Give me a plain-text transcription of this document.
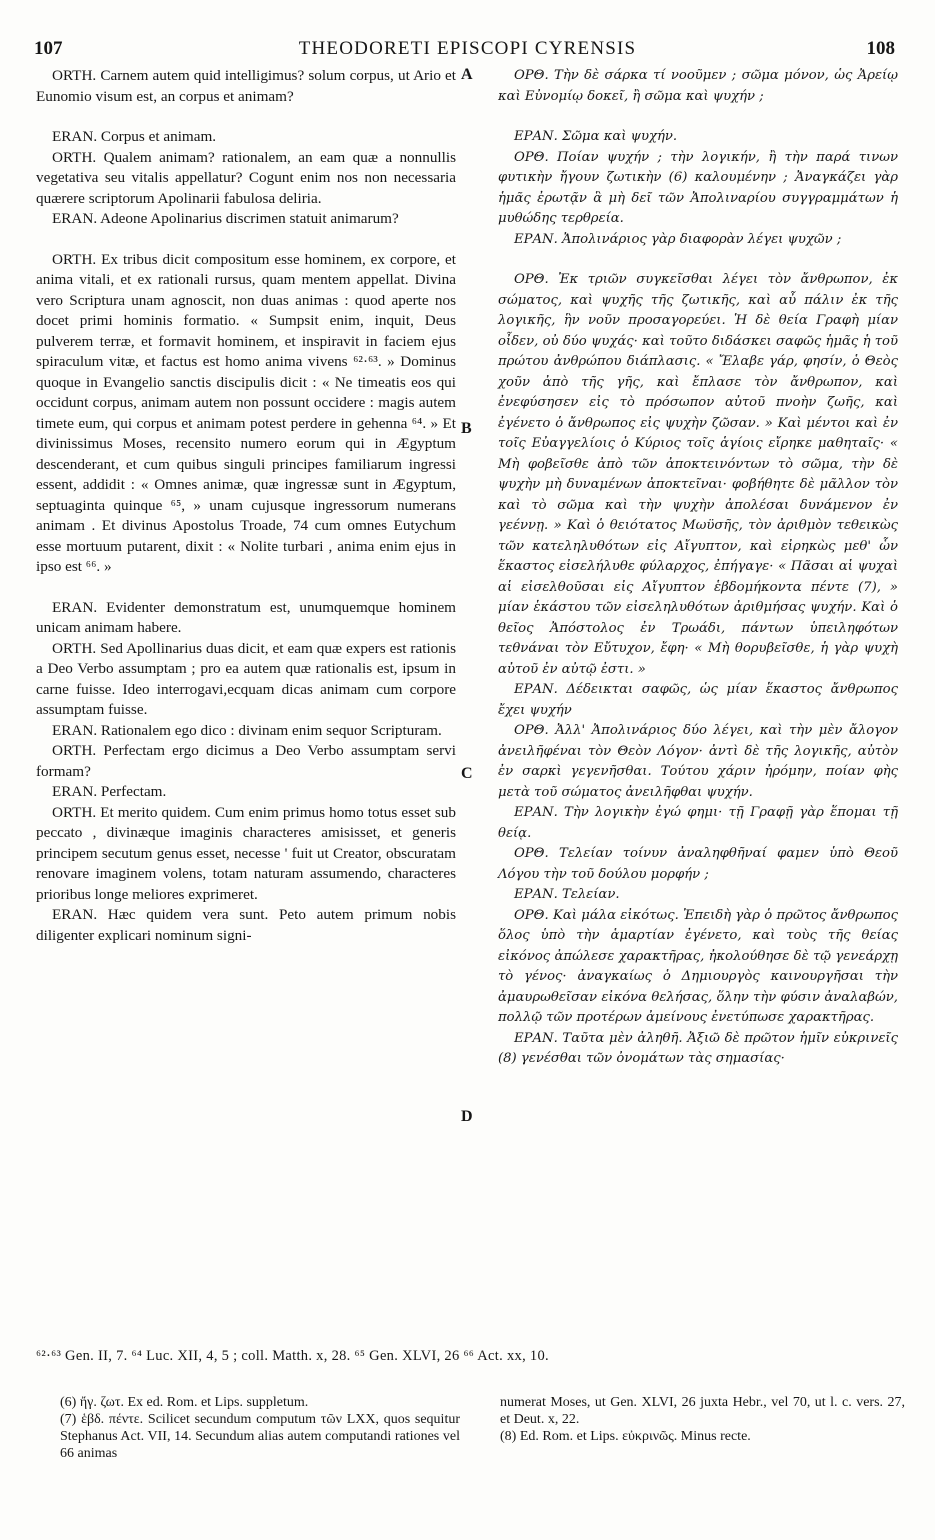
107	THEODORETI EPISCOPI CYRENSIS	108
A
B
C
D

ORTH. Carnem autem quid intelligimus? solum corpus, ut Ario et Eunomio visum est, an corpus et animam?

ERAN. Corpus et animam.

ORTH. Qualem animam? rationalem, an eam quæ a nonnullis vegetativa seu vitalis appellatur? Cogunt enim nos non necessaria quærere scriptorum Apolinarii fabulosa deliria.

ERAN. Adeone Apolinarius discrimen statuit animarum?

ORTH. Ex tribus dicit compositum esse hominem, ex corpore, et anima vitali, et ex rationali rursus, quam mentem appellat. Divina vero Scriptura unam agnoscit, non duas animas : quod aperte nos docet primi hominis formatio. « Sumpsit enim, inquit, Deus pulverem terræ, et formavit hominem, et inspiravit in faciem ejus spiraculum vitæ, et factus est homo anima vivens ⁶²·⁶³. » Dominus quoque in Evangelio sanctis discipulis dicit : « Ne timeatis eos qui occidunt corpus, animam autem non possunt occidere : magis autem timete eum, qui corpus et animam potest perdere in gehenna ⁶⁴. » Et divinissimus Moses, recensito numero eorum qui in Ægyptum descenderant, et cum quibus singuli principes familiarum ingressi essent, addidit : « Omnes animæ, quæ ingressæ sunt in Ægyptum, septuaginta quinque ⁶⁵, » unam cujusque ingressorum numerans animam . Et divinus Apostolus Troade, 74 cum omnes Eutychum esse mortuum putarent, dixit : « Nolite turbari , anima enim ejus in ipso est ⁶⁶. »

ERAN. Evidenter demonstratum est, unumquemque hominem unicam animam habere.

ORTH. Sed Apollinarius duas dicit, et eam quæ expers est rationis a Deo Verbo assumptam ; pro ea autem quæ rationalis est, ipsum in carne fuisse. Ideo interrogavi,ecquam dicas animam cum corpore assumptam fuisse.

ERAN. Rationalem ego dico : divinam enim sequor Scripturam.

ORTH. Perfectam ergo dicimus a Deo Verbo assumptam servi formam?

ERAN. Perfectam.

ORTH. Et merito quidem. Cum enim primus homo totus esset sub peccato , divinæque imaginis characteres amisisset, et generis principem secutum genus esset, necesse ' fuit ut Creator, obscuratam renovare imaginem volens, totam naturam assumendo, characteres prioribus longe meliores exprimeret.

ERAN. Hæc quidem vera sunt. Peto autem primum nobis diligenter explicari nominum signi-

ΟΡΘ. Τὴν δὲ σάρκα τί νοοῦμεν ; σῶμα μόνον, ὡς Ἀρείῳ καὶ Εὐνομίῳ δοκεῖ, ἢ σῶμα καὶ ψυχήν ;

ΕΡΑΝ. Σῶμα καὶ ψυχήν.

ΟΡΘ. Ποίαν ψυχήν ; τὴν λογικήν, ἢ τὴν παρά τινων φυτικὴν ἤγουν ζωτικὴν (6) καλουμένην ; Ἀναγκάζει γὰρ ἡμᾶς ἐρωτᾷν ἃ μὴ δεῖ τῶν Ἀπολιναρίου συγγραμμάτων ἡ μυθώδης τερθρεία.

ΕΡΑΝ. Ἀπολινάριος γὰρ διαφορὰν λέγει ψυχῶν ;

ΟΡΘ. Ἐκ τριῶν συγκεῖσθαι λέγει τὸν ἄνθρωπον, ἐκ σώματος, καὶ ψυχῆς τῆς ζωτικῆς, καὶ αὖ πάλιν ἐκ τῆς λογικῆς, ἣν νοῦν προσαγορεύει. Ἡ δὲ θεία Γραφὴ μίαν οἶδεν, οὐ δύο ψυχάς· καὶ τοῦτο διδάσκει σαφῶς ἡμᾶς ἡ τοῦ πρώτου ἀνθρώπου διάπλασις. « Ἔλαβε γάρ, φησίν, ὁ Θεὸς χοῦν ἀπὸ τῆς γῆς, καὶ ἔπλασε τὸν ἄνθρωπον, καὶ ἐνεφύσησεν εἰς τὸ πρόσωπον αὐτοῦ πνοὴν ζωῆς, καὶ ἐγένετο ὁ ἄνθρωπος εἰς ψυχὴν ζῶσαν. » Καὶ μέντοι καὶ ἐν τοῖς Εὐαγγελίοις ὁ Κύριος τοῖς ἁγίοις εἴρηκε μαθηταῖς· « Μὴ φοβεῖσθε ἀπὸ τῶν ἀποκτεινόντων τὸ σῶμα, τὴν δὲ ψυχὴν μὴ δυναμένων ἀποκτεῖναι· φοβήθητε δὲ μᾶλλον τὸν καὶ τὸ σῶμα καὶ τὴν ψυχὴν ἀπολέσαι δυνάμενον ἐν γεέννῃ. » Καὶ ὁ θειότατος Μωϋσῆς, τὸν ἀριθμὸν τεθεικὼς τῶν κατεληλυθότων εἰς Αἴγυπτον, καὶ εἰρηκὼς μεθ' ὧν ἕκαστος εἰσελήλυθε φύλαρχος, ἐπήγαγε· « Πᾶσαι αἱ ψυχαὶ αἱ εἰσελθοῦσαι εἰς Αἴγυπτον ἑβδομήκοντα πέντε (7), » μίαν ἑκάστου τῶν εἰσεληλυθότων ἀριθμήσας ψυχήν. Καὶ ὁ θεῖος Ἀπόστολος ἐν Τρωάδι, πάντων ὑπειληφότων τεθνάναι τὸν Εὔτυχον, ἔφη· « Μὴ θορυβεῖσθε, ἡ γὰρ ψυχὴ αὐτοῦ ἐν αὐτῷ ἐστι. »

ΕΡΑΝ. Δέδεικται σαφῶς, ὡς μίαν ἕκαστος ἄνθρωπος ἔχει ψυχήν

ΟΡΘ. Ἀλλ' Ἀπολινάριος δύο λέγει, καὶ τὴν μὲν ἄλογον ἀνειλῆφέναι τὸν Θεὸν Λόγον· ἀντὶ δὲ τῆς λογικῆς, αὐτὸν ἐν σαρκὶ γεγενῆσθαι. Τούτου χάριν ἠρόμην, ποίαν φὴς μετὰ τοῦ σώματος ἀνειλῆφθαι ψυχήν.

ΕΡΑΝ. Τὴν λογικὴν ἐγώ φημι· τῇ Γραφῇ γὰρ ἕπομαι τῇ θείᾳ.

ΟΡΘ. Τελείαν τοίνυν ἀναληφθῆναί φαμεν ὑπὸ Θεοῦ Λόγου τὴν τοῦ δούλου μορφήν ;

ΕΡΑΝ. Τελείαν.

ΟΡΘ. Καὶ μάλα εἰκότως. Ἐπειδὴ γὰρ ὁ πρῶτος ἄνθρωπος ὅλος ὑπὸ τὴν ἁμαρτίαν ἐγένετο, καὶ τοὺς τῆς θείας εἰκόνος ἀπώλεσε χαρακτῆρας, ἠκολούθησε δὲ τῷ γενεάρχῃ τὸ γένος· ἀναγκαίως ὁ Δημιουργὸς καινουργῆσαι τὴν ἀμαυρωθεῖσαν εἰκόνα θελήσας, ὅλην τὴν φύσιν ἀναλαβών, πολλῷ τῶν προτέρων ἀμείνους ἐνετύπωσε χαρακτῆρας.

ΕΡΑΝ. Ταῦτα μὲν ἀληθῆ. Ἀξιῶ δὲ πρῶτον ἡμῖν εὐκρινεῖς (8) γενέσθαι τῶν ὀνομάτων τὰς σημασίας·

⁶²·⁶³ Gen. II, 7. ⁶⁴ Luc. XII, 4, 5 ; coll. Matth. x, 28. ⁶⁵ Gen. XLVI, 26 ⁶⁶ Act. xx, 10.

(6) ἤγ. ζωτ. Ex ed. Rom. et Lips. suppletum.

(7) ἑβδ. πέντε. Scilicet secundum computum τῶν LXX, quos sequitur Stephanus Act. VII, 14. Secundum alias autem computandi rationes vel 66 animas

numerat Moses, ut Gen. XLVI, 26 juxta Hebr., vel 70, ut l. c. vers. 27, et Deut. x, 22.

(8) Ed. Rom. et Lips. εὐκρινῶς. Minus recte.
